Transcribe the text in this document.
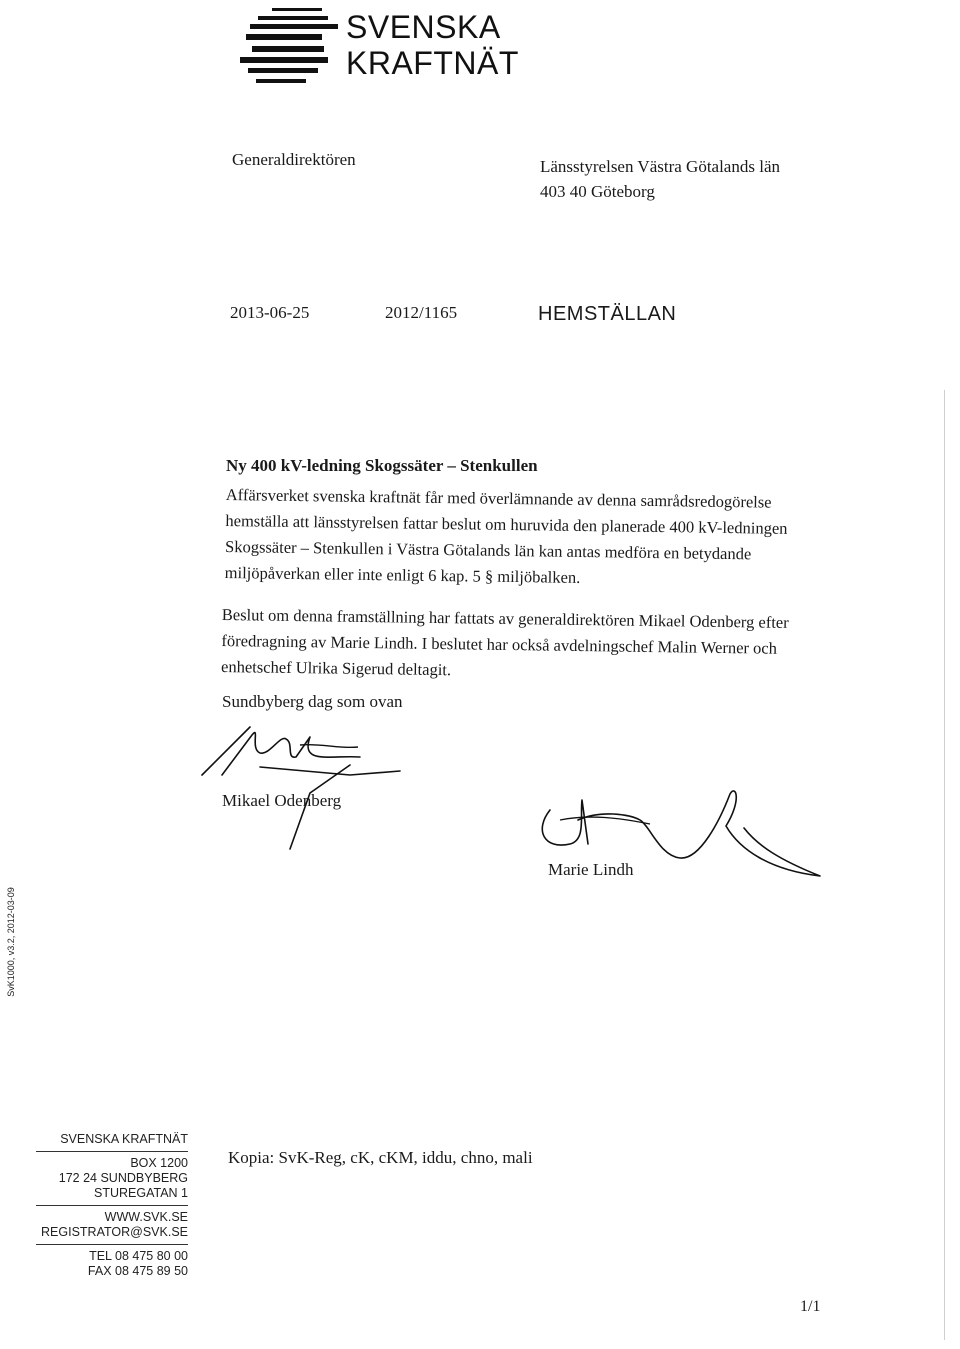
SVENSKA
KRAFTNÄT
Generaldirektören	Länsstyrelsen Västra Götalands län
403 40 Göteborg
2013-06-25	2012/1165	HEMSTÄLLAN
Ny 400 kV-ledning Skogssäter – Stenkullen
Affärsverket svenska kraftnät får med överlämnande av denna samrådsredogörelse hemställa att länsstyrelsen fattar beslut om huruvida den planerade 400 kV-ledningen Skogssäter – Stenkullen i Västra Götalands län kan antas medföra en betydande miljöpåverkan eller inte enligt 6 kap. 5 § miljöbalken.
Beslut om denna framställning har fattats av generaldirektören Mikael Odenberg efter föredragning av Marie Lindh. I beslutet har också avdelningschef Malin Werner och enhetschef Ulrika Sigerud deltagit.
Sundbyberg dag som ovan
Mikael Odenberg
Marie Lindh
SvK1000, v3.2, 2012-03-09
SVENSKA KRAFTNÄT
BOX 1200
172 24 SUNDBYBERG
STUREGATAN 1
WWW.SVK.SE
REGISTRATOR@SVK.SE
TEL 08 475 80 00
FAX 08 475 89 50
Kopia: SvK-Reg, cK, cKM, iddu, chno, mali
1/1
